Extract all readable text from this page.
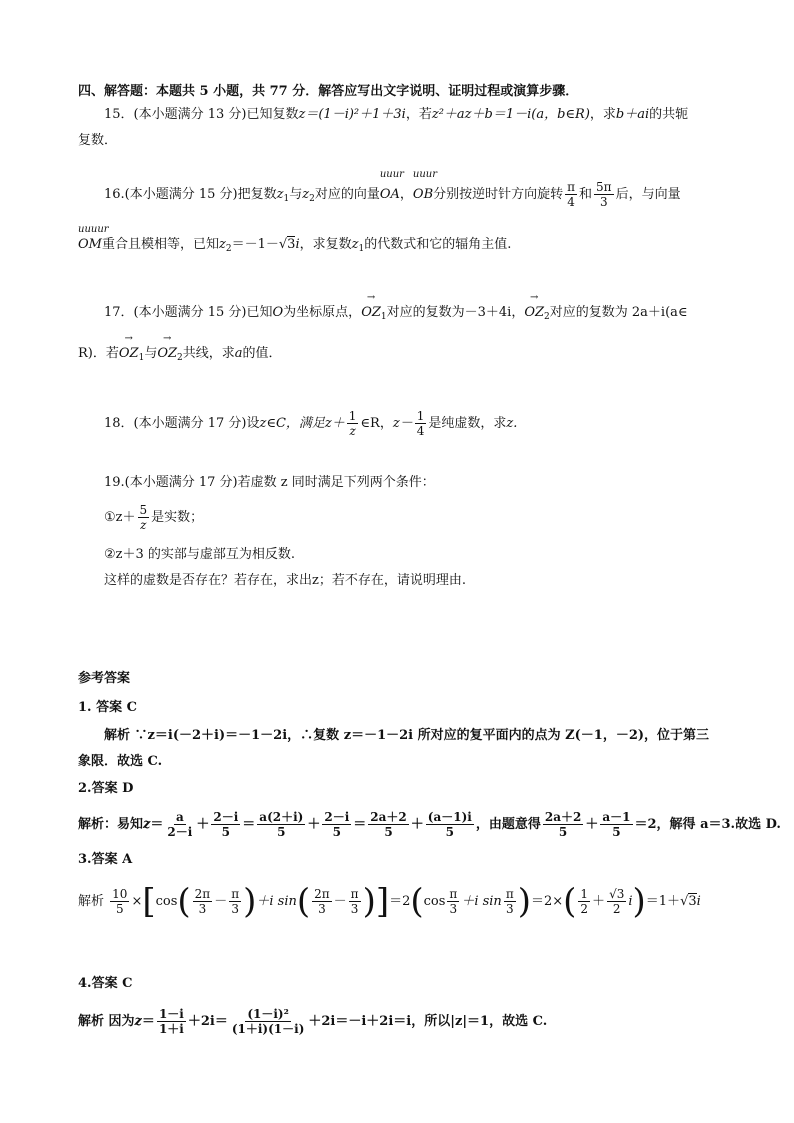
四、解答题：本题共 5 小题，共 77 分．解答应写出文字说明、证明过程或演算步骤．
15．(本小题满分 13 分)已知复数z＝(1－i)²＋1＋3i，若z²＋az＋b＝1－i(a，b∈R)，求b＋ai的共轭
复数．
16.(本小题满分 15 分)把复数$z_1$与$z_2$对应的向量
uuur
OA，
uuur
OB分别按逆时针方向旋转 $\frac{\pi}{4}$ 和 $\frac{5\pi}{3}$ 后，与向量
uuuur
OM重合且模相等，已知$z_2=-1-√3i$，求复数$z_1$的代数式和它的辐角主值.
17．(本小题满分 15 分)已知O为坐标原点，
→
$OZ_1$对应的复数为－3＋4i，
→
$OZ_2$对应的复数为 2a＋i(a∈
R)．若
→
$OZ_1$与
→
$OZ_2$共线，求a的值．
18．(本小题满分 17 分)设z∈C，满足$z+ \frac{1}{z}$ ∈R，$z- \frac{1}{4}$ 是纯虚数，求z.
19.(本小题满分 17 分)若虚数 z 同时满足下列两个条件：
①z＋ $\frac{5}{z}$ 是实数；
②z＋3 的实部与虚部互为相反数.
这样的虚数是否存在？若存在，求出z；若不存在，请说明理由.
参考答案
1. 答案 C
解析 ∵z＝i(－2＋i)＝－1－2i，∴复数 z＝－1－2i 所对应的复平面内的点为 Z(－1，－2)，位于第三
象限．故选 C.
2.答案 D
解析：易知$z= \frac{a}{2-i} + \frac{2-i}{5} = \frac{a(2+i)}{5} + \frac{2-i}{5} = \frac{2a+2}{5} + \frac{(a-1)i}{5}$ ，由题意得 $\frac{2a+2}{5} + \frac{a-1}{5} =2$，解得 a＝3.故选 D.
3.答案 A
解析 $\frac{10}{5} \times[\cos( \frac{2\pi}{3} - \frac{\pi}{3} )+i$ $\sin( \frac{2\pi}{3} - \frac{\pi}{3} )]=2(\cos \frac{\pi}{3} +i$ $\sin \frac{\pi}{3} )=2\times( \frac{1}{2} + \frac{√3}{2} i)=1+√3i$
4.答案 C
解析 因为$z= \frac{1-i}{1+i} +2i= \frac{\text{(1－i)²}}{(1+i)(1-i)} +2i=-i+2i=i$，所以|z|＝1，故选 C.
